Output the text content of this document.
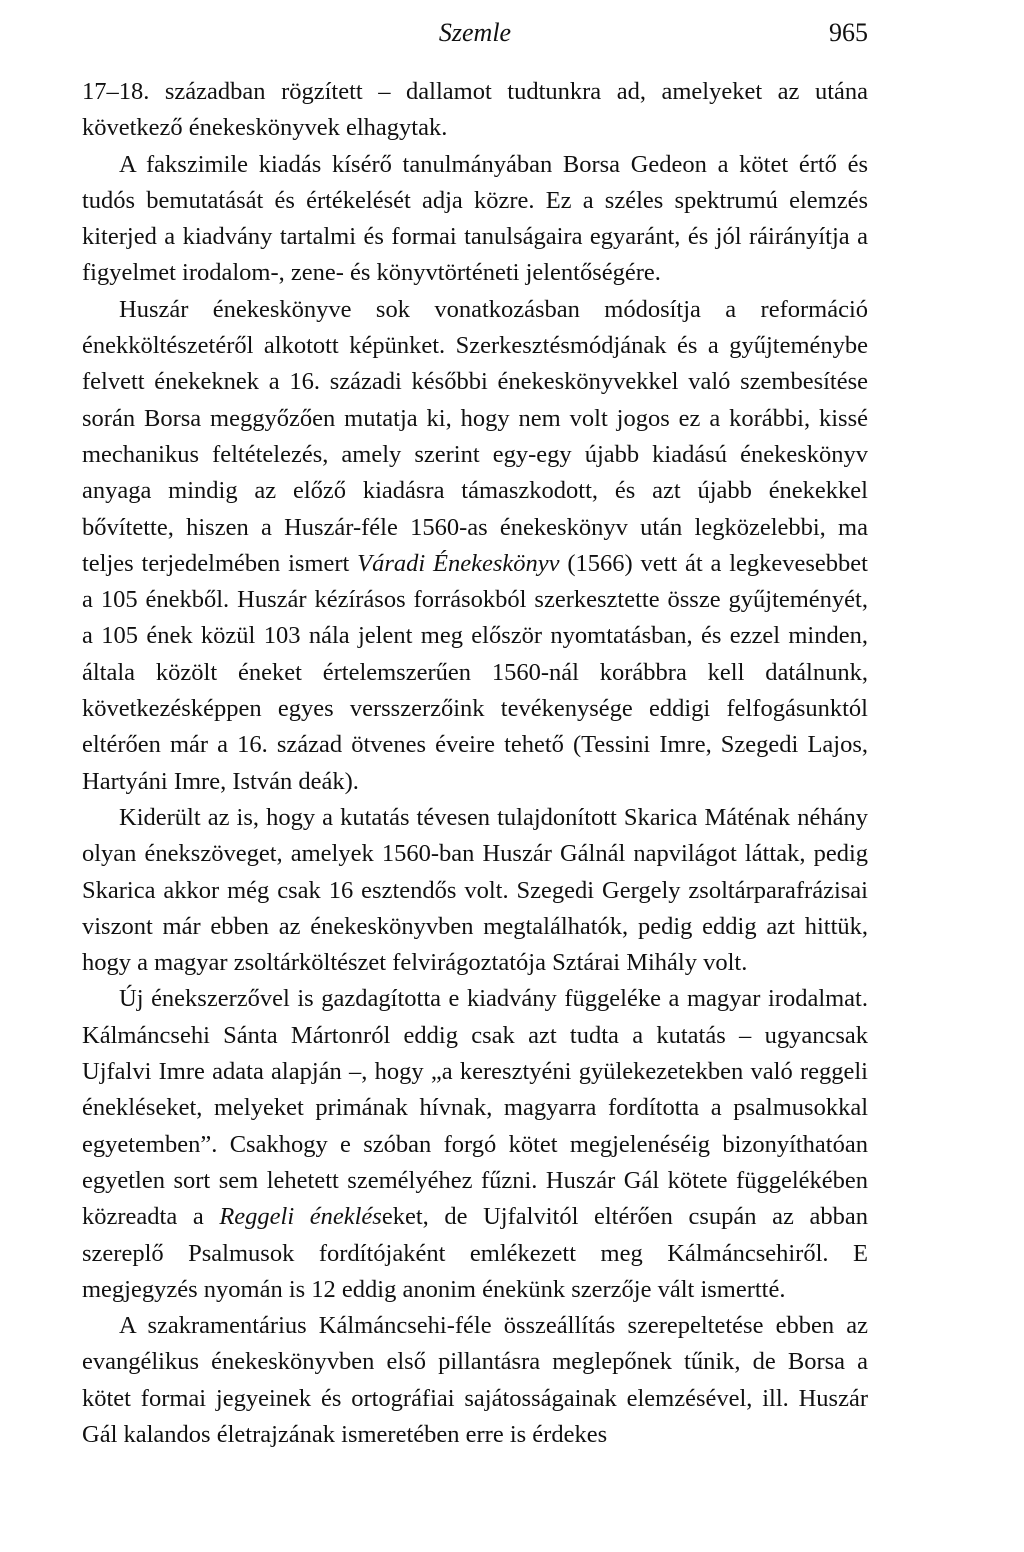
Szemle	965

17–18. században rögzített – dallamot tudtunkra ad, amelyeket az utána következő énekeskönyvek elhagytak.

A fakszimile kiadás kísérő tanulmányában Borsa Gedeon a kötet értő és tudós bemutatását és értékelését adja közre. Ez a széles spektrumú elemzés kiterjed a kiadvány tartalmi és formai tanulságaira egyaránt, és jól ráirányítja a figyelmet irodalom-, zene- és könyvtörténeti jelentőségére.

Huszár énekeskönyve sok vonatkozásban módosítja a reformáció énekköltészetéről alkotott képünket. Szerkesztésmódjának és a gyűjteménybe felvett énekeknek a 16. századi későbbi énekeskönyvekkel való szembesítése során Borsa meggyőzően mutatja ki, hogy nem volt jogos ez a korábbi, kissé mechanikus feltételezés, amely szerint egy-egy újabb kiadású énekeskönyv anyaga mindig az előző kiadásra támaszkodott, és azt újabb énekekkel bővítette, hiszen a Huszár-féle 1560-as énekeskönyv után legközelebbi, ma teljes terjedelmében ismert Váradi Énekeskönyv (1566) vett át a legkevesebbet a 105 énekből. Huszár kézírásos forrásokból szerkesztette össze gyűjteményét, a 105 ének közül 103 nála jelent meg először nyomtatásban, és ezzel minden, általa közölt éneket értelemszerűen 1560-nál korábbra kell datálnunk, következésképpen egyes versszerzőink tevékenysége eddigi felfogásunktól eltérően már a 16. század ötvenes éveire tehető (Tessini Imre, Szegedi Lajos, Hartyáni Imre, István deák).

Kiderült az is, hogy a kutatás tévesen tulajdonított Skarica Máténak néhány olyan énekszöveget, amelyek 1560-ban Huszár Gálnál napvilágot láttak, pedig Skarica akkor még csak 16 esztendős volt. Szegedi Gergely zsoltárparafrázisai viszont már ebben az énekeskönyvben megtalálhatók, pedig eddig azt hittük, hogy a magyar zsoltárköltészet felvirágoztatója Sztárai Mihály volt.

Új énekszerzővel is gazdagította e kiadvány függeléke a magyar irodalmat. Kálmáncsehi Sánta Mártonról eddig csak azt tudta a kutatás – ugyancsak Ujfalvi Imre adata alapján –, hogy „a keresztyéni gyülekezetekben való reggeli énekléseket, melyeket primának hívnak, magyarra fordította a psalmusokkal egyetemben”. Csakhogy e szóban forgó kötet megjelenéséig bizonyíthatóan egyetlen sort sem lehetett személyéhez fűzni. Huszár Gál kötete függelékében közreadta a Reggeli énekléseket, de Ujfalvitól eltérően csupán az abban szereplő Psalmusok fordítójaként emlékezett meg Kálmáncsehiről. E megjegyzés nyomán is 12 eddig anonim énekünk szerzője vált ismertté.

A szakramentárius Kálmáncsehi-féle összeállítás szerepeltetése ebben az evangélikus énekeskönyvben első pillantásra meglepőnek tűnik, de Borsa a kötet formai jegyeinek és ortográfiai sajátosságainak elemzésével, ill. Huszár Gál kalandos életrajzának ismeretében erre is érdekes
